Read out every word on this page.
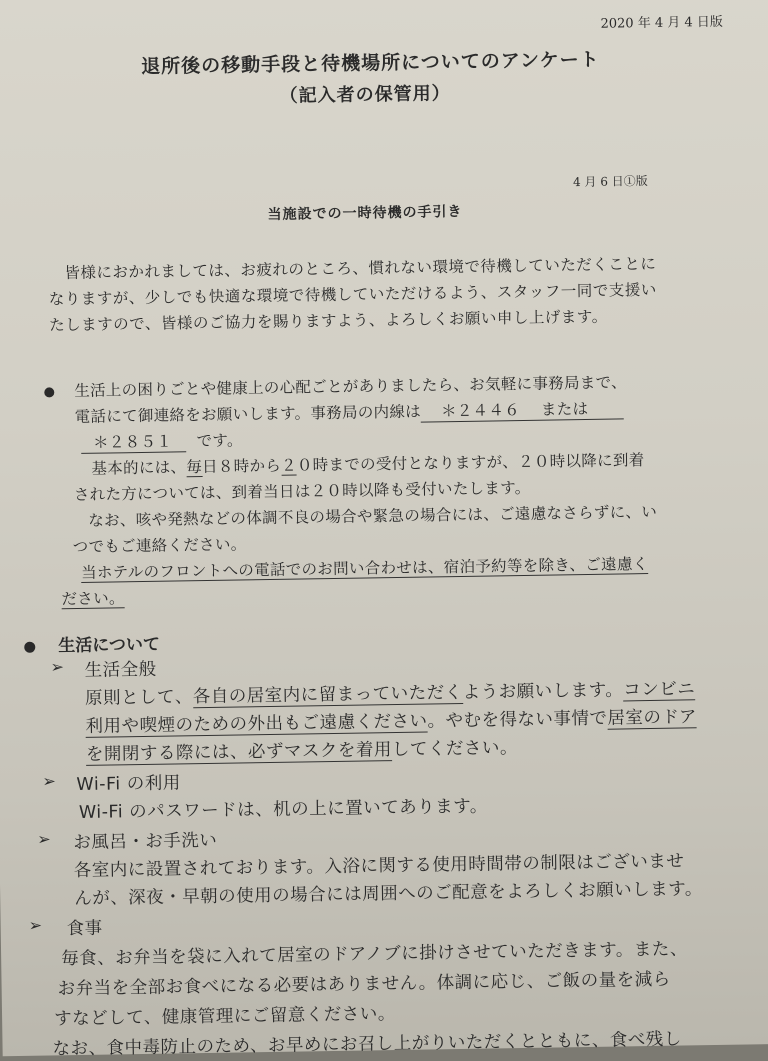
2020 年 4 月 4 日版
退所後の移動手段と待機場所についてのアンケート
（記入者の保管用）
4 月 6 日①版
当施設での一時待機の手引き
皆様におかれましては、お疲れのところ、慣れない環境で待機していただくことに
なりますが、少しでも快適な環境で待機していただけるよう、スタッフ一同で支援い
たしますので、皆様のご協力を賜りますよう、よろしくお願い申し上げます。
生活上の困りごとや健康上の心配ごとがありましたら、お気軽に事務局まで、
電話にて御連絡をお願いします。事務局の内線は ＊２４４６ または
＊２８５１ です。
基本的には、毎日８時から２０時までの受付となりますが、２０時以降に到着
された方については、到着当日は２０時以降も受付いたします。
なお、咳や発熱などの体調不良の場合や緊急の場合には、ご遠慮なさらずに、い
つでもご連絡ください。
当ホテルのフロントへの電話でのお問い合わせは、宿泊予約等を除き、ご遠慮く
ださい。
生活について
➢ 生活全般
原則として、各自の居室内に留まっていただくようお願いします。コンビニ
利用や喫煙のための外出もご遠慮ください。やむを得ない事情で居室のドア
を開閉する際には、必ずマスクを着用してください。
➢ Wi-Fi の利用
Wi-Fi のパスワードは、机の上に置いてあります。
➢ お風呂・お手洗い
各室内に設置されております。入浴に関する使用時間帯の制限はございませ
んが、深夜・早朝の使用の場合には周囲へのご配意をよろしくお願いします。
➢ 食事
毎食、お弁当を袋に入れて居室のドアノブに掛けさせていただきます。また、
お弁当を全部お食べになる必要はありません。体調に応じ、ご飯の量を減ら
すなどして、健康管理にご留意ください。
なお、食中毒防止のため、お早めにお召し上がりいただくとともに、食べ残し
